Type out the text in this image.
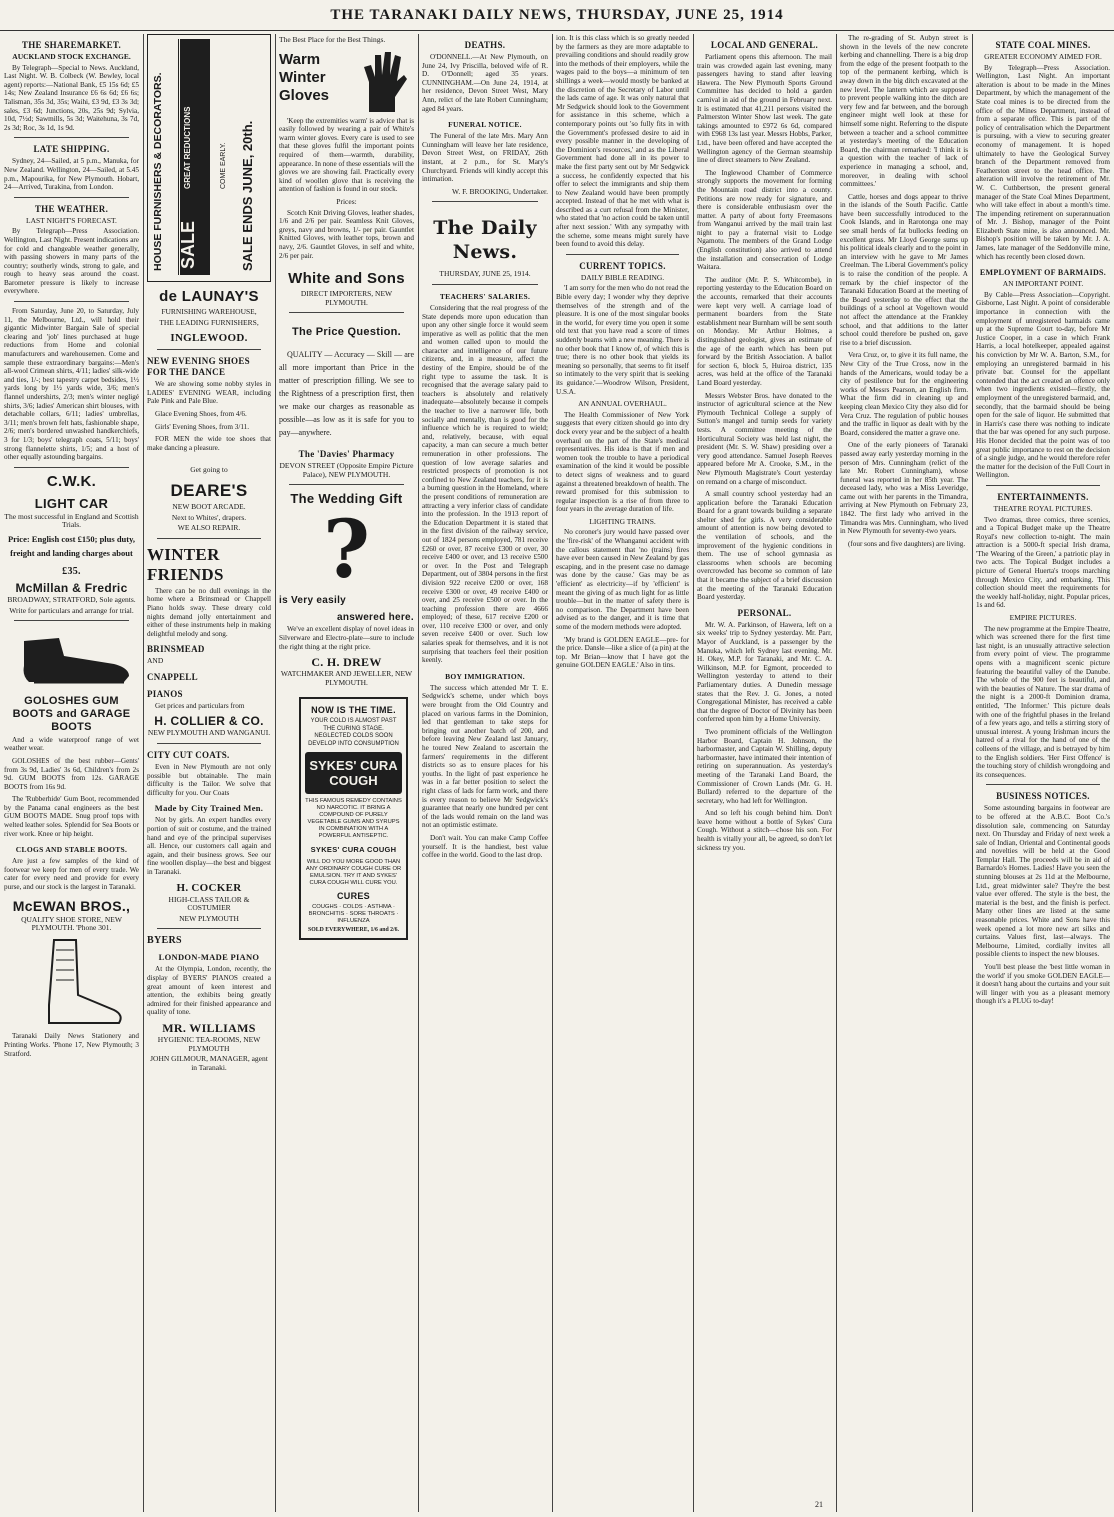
THE TARANAKI DAILY NEWS, THURSDAY, JUNE 25, 1914
THE SHAREMARKET.
AUCKLAND STOCK EXCHANGE.
By Telegraph—Special to News. Auckland, Last Night. W. B. Colbeck (W. Bewley, local agent) reports:—National Bank, £5 15s 6d; £5 14s; New Zealand Insurance £6 6s 6d; £6 6s; Talisman, 35s 3d, 35s; Waihi, £3 9d, £3 3s 3d; sales, £3 6d; Junctions, 20s, 25s 9d; Sylvia, 10d, 7½d; Sawmills, 5s 3d; Waitehuna, 3s 7d, 2s 3d; Roc, 3s 1d, 1s 9d.
LATE SHIPPING.
Sydney, 24—Sailed, at 5 p.m., Manuka, for New Zealand. Wellington, 24—Sailed, at 5.45 p.m., Mapourika, for New Plymouth. Hobart, 24—Arrived, Turakina, from London.
THE WEATHER.
LAST NIGHT'S FORECAST.
By Telegraph—Press Association. Wellington, Last Night. Present indications are for cold and changeable weather generally, with passing showers in many parts of the country; southerly winds, strong to gale, and rough to heavy seas around the coast. Barometer pressure is likely to increase everywhere.
From Saturday, June 20, to Saturday, July 11, the Melbourne, Ltd., will hold their gigantic Midwinter Bargain Sale of special clearing and 'job' lines purchased at huge reductions from Home and colonial manufacturers and warehousemen. Come and sample these extraordinary bargains:—Men's all-wool Crimean shirts, 4/11; ladies' silk-wide and ties, 1/-; best tapestry carpet bedsides, 1½ yards long by 1½ yards wide, 3/6; men's flannel undershirts, 2/3; men's winter negligé shirts, 3/6; ladies' American shirt blouses, with detachable collars, 6/11; ladies' umbrellas, 3/11; men's brown felt hats, fashionable shape, 2/6; men's bordered unwashed handkerchiefs, 3 for 1/3; boys' telegraph coats, 5/11; boys' strong flannelette shirts, 1/5; and a host of other equally astounding bargains.
C.W.K.
LIGHT CAR
The most successful in England and Scottish Trials.
Price: English cost £150; plus duty, freight and landing charges about
£35.
McMillan & Fredric
BROADWAY, STRATFORD, Sole agents.
Write for particulars and arrange for trial.
GOLOSHES GUM BOOTS and GARAGE BOOTS
And a wide waterproof range of wet weather wear.
GOLOSHES of the best rubber—Gents' from 3s 9d, Ladies' 3s 6d, Children's from 2s 9d. GUM BOOTS from 12s. GARAGE BOOTS from 16s 9d.
The 'Rubberhide' Gum Boot, recommended by the Panama canal engineers as the best GUM BOOTS MADE. Snug proof tops with welted leather soles. Splendid for Sea Boots or river work. Knee or hip height.
CLOGS AND STABLE BOOTS.
Are just a few samples of the kind of footwear we keep for men of every trade. We cater for every need and provide for every purse, and our stock is the largest in Taranaki.
McEWAN BROS.,
QUALITY SHOE STORE, NEW PLYMOUTH. 'Phone 301.
Taranaki Daily News Stationery and Printing Works. 'Phone 17, New Plymouth; 3 Stratford.
HOUSE FURNISHERS & DECORATORS. SALE
GREAT REDUCTIONS	COME EARLY. SALE ENDS JUNE, 20th.
de LAUNAY'S
FURNISHING WAREHOUSE,
THE LEADING FURNISHERS,
INGLEWOOD.
NEW EVENING SHOES FOR THE DANCE
We are showing some nobby styles in LADIES' EVENING WEAR, including Pale Pink and Pale Blue.
Glace Evening Shoes, from 4/6.
Girls' Evening Shoes, from 3/11.
FOR MEN the wide toe shoes that make dancing a pleasure.
Get going to
DEARE'S
NEW BOOT ARCADE.
Next to Whites', drapers.
WE ALSO REPAIR.
WINTER FRIENDS
There can be no dull evenings in the home where a Brinsmead or Chappell Piano holds sway. These dreary cold nights demand jolly entertainment and either of these instruments help in making delightful melody and song.
BRINSMEAD
AND
CNAPPELL
PIANOS
Get prices and particulars from
H. COLLIER & CO.
NEW PLYMOUTH AND WANGANUI.
CITY CUT COATS.
Even in New Plymouth are not only possible but obtainable. The main difficulty is the Tailor. We solve that difficulty for you. Our Coats
Made by City Trained Men.
Not by girls. An expert handles every portion of suit or costume, and the trained hand and eye of the principal supervises all. Hence, our customers call again and again, and their business grows. See our fine woollen display—the best and biggest in Taranaki.
H. COCKER
HIGH-CLASS TAILOR & COSTUMIER
NEW PLYMOUTH
BYERS
LONDON-MADE PIANO
At the Olympia, London, recently, the display of BYERS' PIANOS created a great amount of keen interest and attention, the exhibits being greatly admired for their finished appearance and quality of tone.
MR. WILLIAMS
HYGIENIC TEA-ROOMS, NEW PLYMOUTH
JOHN GILMOUR, MANAGER, agent in Taranaki.
The Best Place for the Best Things.
Warm Winter Gloves
'Keep the extremities warm' is advice that is easily followed by wearing a pair of White's warm winter gloves. Every care is used to see that these gloves fulfil the important points required of them—warmth, durability, appearance. In none of these essentials will the gloves we are showing fail. Practically every kind of woollen glove that is receiving the attention of fashion is found in our stock.
Prices:
Scotch Knit Driving Gloves, leather shades, 1/6 and 2/6 per pair. Seamless Knit Gloves, greys, navy and browns, 1/- per pair. Gauntlet Knitted Gloves, with leather tops, brown and navy, 2/6. Gauntlet Gloves, in self and white, 2/6 per pair.
White and Sons
DIRECT IMPORTERS, NEW PLYMOUTH.
The Price Question.
QUALITY — Accuracy — Skill — are all more important than Price in the matter of prescription filling. We see to the Rightness of a prescription first, then we make our charges as reasonable as possible—as low as it is safe for you to pay—anywhere.
The 'Davies' Pharmacy
DEVON STREET (Opposite Empire Picture Palace), NEW PLYMOUTH.
The Wedding Gift
?
is Very easily
answered here.
We've an excellent display of novel ideas in Silverware and Electro-plate—sure to include the right thing at the right price.
C. H. DREW
WATCHMAKER AND JEWELLER, NEW PLYMOUTH.
NOW IS THE TIME.
YOUR COLD IS ALMOST PAST THE CURING STAGE. NEGLECTED COLDS SOON DEVELOP INTO CONSUMPTION
SYKES' CURA COUGH
THIS FAMOUS REMEDY CONTAINS NO NARCOTIC. IT BRING A COMPOUND OF PURELY VEGETABLE GUMS AND SYRUPS IN COMBINATION WITH A POWERFUL ANTISEPTIC.
SYKES' CURA COUGH
WILL DO YOU MORE GOOD THAN ANY ORDINARY COUGH CURE OR EMULSION. TRY IT AND SYKES' CURA COUGH WILL CURE YOU.
CURES
COUGHS · COLDS · ASTHMA · BRONCHITIS · SORE THROATS · INFLUENZA
SOLD EVERYWHERE, 1/6 and 2/6.
DEATHS.
O'DONNELL.—At New Plymouth, on June 24, Ivy Priscilla, beloved wife of R. D. O'Donnell; aged 35 years. CUNNINGHAM.—On June 24, 1914, at her residence, Devon Street West, Mary Ann, relict of the late Robert Cunningham; aged 84 years.
FUNERAL NOTICE.
The Funeral of the late Mrs. Mary Ann Cunningham will leave her late residence, Devon Street West, on FRIDAY, 26th instant, at 2 p.m., for St. Mary's Churchyard. Friends will kindly accept this intimation.
W. F. BROOKING, Undertaker.
The Daily News.
THURSDAY, JUNE 25, 1914.
TEACHERS' SALARIES.
Considering that the real progress of the State depends more upon education than upon any other single force it would seem imperative as well as politic that the men and women called upon to mould the character and intelligence of our future citizens, and, in a measure, affect the destiny of the Empire, should be of the right type to assume the task. It is recognised that the average salary paid to teachers is absolutely and relatively inadequate—absolutely because it compels the teacher to live a narrower life, both socially and mentally, than is good for the influence which he is required to wield; and, relatively, because, with equal capacity, a man can secure a much better remuneration in other professions. The question of low average salaries and restricted prospects of promotion is not confined to New Zealand teachers, for it is a burning question in the Homeland, where the present conditions of remuneration are attracting a very inferior class of candidate into the profession. In the 1913 report of the Education Department it is stated that in the first division of the railway service, out of 1824 persons employed, 781 receive £260 or over, 87 receive £300 or over, 30 receive £400 or over, and 13 receive £500 or over. In the Post and Telegraph Department, out of 3804 persons in the first division 922 receive £200 or over, 168 receive £300 or over, 49 receive £400 or over, and 25 receive £500 or over. In the teaching profession there are 4666 employed; of these, 617 receive £200 or over, 110 receive £300 or over, and only seven receive £400 or over. Such low salaries speak for themselves, and it is not surprising that teachers feel their position keenly.
BOY IMMIGRATION.
The success which attended Mr T. E. Sedgwick's scheme, under which boys were brought from the Old Country and placed on various farms in the Dominion, led that gentleman to take steps for bringing out another batch of 200, and before leaving New Zealand last January, he toured New Zealand to ascertain the farmers' requirements in the different districts so as to ensure places for his youths. In the light of past experience he was in a far better position to select the right class of lads for farm work, and there is every reason to believe Mr Sedgwick's guarantee that nearly one hundred per cent of the lads would remain on the land was not an optimistic estimate.
Don't wait. You can make Camp Coffee yourself. It is the handiest, best value coffee in the world. Good to the last drop.
ion. It is this class which is so greatly needed by the farmers as they are more adaptable to prevailing conditions and should readily grow into the methods of their employers, while the wages paid to the boys—a minimum of ten shillings a week—would mostly be banked at the discretion of the Secretary of Labor until the lads came of age. It was only natural that Mr Sedgwick should look to the Government for assistance in this scheme, which a contemporary points out 'so fully fits in with the Government's professed desire to aid in every possible manner in the developing of the Dominion's resources,' and as the Liberal Government had done all in its power to make the first party sent out by Mr Sedgwick a success, he confidently expected that his offer to select the immigrants and ship them to New Zealand would have been promptly accepted. Instead of that he met with what is described as a curt refusal from the Minister, who stated that 'no action could be taken until after next session.' With any sympathy with the scheme, some means might surely have been found to avoid this delay.
CURRENT TOPICS.
DAILY BIBLE READING.
'I am sorry for the men who do not read the Bible every day; I wonder why they deprive themselves of the strength and of the pleasure. It is one of the most singular books in the world, for every time you open it some old text that you have read a score of times suddenly beams with a new meaning. There is no other book that I know of, of which this is true; there is no other book that yields its meaning so personally, that seems to fit itself so intimately to the very spirit that is seeking its guidance.'—Woodrow Wilson, President, U.S.A.
AN ANNUAL OVERHAUL.
The Health Commissioner of New York suggests that every citizen should go into dry dock every year and be the subject of a health overhaul on the part of the State's medical representatives. His idea is that if men and women took the trouble to have a periodical examination of the kind it would be possible to detect signs of weakness and to guard against a threatened breakdown of health. The reward promised for this submission to regular inspection is a rise of from three to four years in the average duration of life.
LIGHTING TRAINS.
No coroner's jury would have passed over the 'fire-risk' of the Whanganui accident with the callous statement that 'no (trains) fires have ever been caused in New Zealand by gas escaping, and in the present case no damage was done by the cause.' Gas may be as 'efficient' as electricity—if by 'efficient' is meant the giving of as much light for as little trouble—but in the matter of safety there is no comparison. The Department have been advised as to the danger, and it is time that some of the modern methods were adopted.
'My brand is GOLDEN EAGLE—pre- for the price. Dansle—like a slice of (a pin) at the top. Mr Brian—know that I have got the genuine GOLDEN EAGLE.' Also in tins.
LOCAL AND GENERAL.
Parliament opens this afternoon. The mail train was crowded again last evening, many passengers having to stand after leaving Hawera. The New Plymouth Sports Ground Committee has decided to hold a garden carnival in aid of the ground in February next. It is estimated that 41,211 persons visited the Palmerston Winter Show last week. The gate takings amounted to £972 6s 6d, compared with £968 13s last year. Messrs Hobbs, Parker, Ltd., have been offered and have accepted the Wellington agency of the German steamship line of direct steamers to New Zealand.
The Inglewood Chamber of Commerce strongly supports the movement for forming the Mountain road district into a county. Petitions are now ready for signature, and there is considerable enthusiasm over the matter. A party of about forty Freemasons from Wanganui arrived by the mail train last night to pay a fraternal visit to Lodge Ngamotu. The members of the Grand Lodge (English constitution) also arrived to attend the installation and consecration of Lodge Waitara.
The auditor (Mr. P. S. Whitcombe), in reporting yesterday to the Education Board on the accounts, remarked that their accounts were kept very well. A carriage load of permanent boarders from the State establishment near Burnham will be sent south on Monday. Mr Arthur Holmes, a distinguished geologist, gives an estimate of the age of the earth which has been put forward by the British Association. A ballot for section 6, block 5, Huiroa district, 135 acres, was held at the office of the Taranaki Land Board yesterday.
Messrs Webster Bros. have donated to the instructor of agricultural science at the New Plymouth Technical College a supply of Sutton's mangel and turnip seeds for variety tests. A committee meeting of the Horticultural Society was held last night, the president (Mr. S. W. Shaw) presiding over a very good attendance. Samuel Joseph Reeves appeared before Mr A. Crooke, S.M., in the New Plymouth Magistrate's Court yesterday on remand on a charge of misconduct.
A small country school yesterday had an application before the Taranaki Education Board for a grant towards building a separate shelter shed for girls. A very considerable amount of attention is now being devoted to the ventilation of schools, and the improvement of the hygienic conditions in them. The use of school gymnasia as classrooms when schools are becoming overcrowded has become so common of late that it became the subject of a brief discussion at the meeting of the Taranaki Education Board yesterday.
PERSONAL.
Mr. W. A. Parkinson, of Hawera, left on a six weeks' trip to Sydney yesterday. Mr. Parr, Mayor of Auckland, is a passenger by the Manuka, which left Sydney last evening. Mr. H. Okey, M.P. for Taranaki, and Mr. C. A. Wilkinson, M.P. for Egmont, proceeded to Wellington yesterday to attend to their Parliamentary duties. A Dunedin message states that the Rev. J. G. Jones, a noted Congregational Minister, has received a cable that the degree of Doctor of Divinity has been conferred upon him by a Home University.
Two prominent officials of the Wellington Harbor Board, Captain H. Johnson, the harbormaster, and Captain W. Shilling, deputy harbormaster, have intimated their intention of retiring on superannuation. As yesterday's meeting of the Taranaki Land Board, the Commissioner of Crown Lands (Mr. G. H. Bullard) referred to the departure of the secretary, who had left for Wellington.
And so left his cough behind him. Don't leave home without a bottle of Sykes' Cura Cough. Without a stitch—chose his son. For health is vitally your all, be agreed, so don't let sickness try you.
The re-grading of St. Aubyn street is shown in the levels of the new concrete kerbing and channelling. There is a big drop from the edge of the present footpath to the top of the permanent kerbing, which is away down in the big ditch excavated at the new level. The lantern which are supposed to prevent people walking into the ditch are very few and far between, and the borough engineer might well look at these for himself some night. Referring to the dispute between a teacher and a school committee at yesterday's meeting of the Education Board, the chairman remarked: 'I think it is a question with the teacher of lack of experience in managing a school, and, moreover, in dealing with school committees.'
Cattle, horses and dogs appear to thrive in the islands of the South Pacific. Cattle have been successfully introduced to the Cook Islands, and in Rarotonga one may see small herds of fat bullocks feeding on excellent grass. Mr Lloyd George sums up his political ideals clearly and to the point in an interview with he gave to Mr James Creelman. The Liberal Government's policy is to raise the condition of the people. A remark by the chief inspector of the Taranaki Education Board at the meeting of the Board yesterday to the effect that the buildings of a school at Vogeltown would not affect the attendance at the Frankley school, and that additions to the latter school could therefore be pushed on, gave rise to a brief discussion.
Vera Cruz, or, to give it its full name, the New City of the True Cross, now in the hands of the Americans, would today be a city of pestilence but for the engineering works of Messrs Pearson, an English firm. What the firm did in cleaning up and keeping clean Mexico City they also did for Vera Cruz. The regulation of public houses and the traffic in liquor as dealt with by the Board, considered the matter a grave one.
One of the early pioneers of Taranaki passed away early yesterday morning in the person of Mrs. Cunningham (relict of the late Mr. Robert Cunningham), whose funeral was reported in her 85th year. The deceased lady, who was a Miss Leveridge, came out with her parents in the Timandra, arriving at New Plymouth on February 23, 1842. The first lady who arrived in the Timandra was Mrs. Cunningham, who lived in New Plymouth for seventy-two years.
(four sons and five daughters) are living.
STATE COAL MINES.
GREATER ECONOMY AIMED FOR.
By Telegraph—Press Association. Wellington, Last Night. An important alteration is about to be made in the Mines Department, by which the management of the State coal mines is to be directed from the office of the Mines Department, instead of from a separate office. This is part of the policy of centralisation which the Department is pursuing, with a view to securing greater economy of management. It is hoped ultimately to have the Geological Survey branch of the Department removed from Featherston street to the head office. The alteration will involve the retirement of Mr. W. C. Cuthbertson, the present general manager of the State Coal Mines Department, who will take effect in about a month's time. The impending retirement on superannuation of Mr. J. Bishop, manager of the Point Elizabeth State mine, is also announced. Mr. Bishop's position will be taken by Mr. J. A. James, late manager of the Seddonville mine, which has recently been closed down.
EMPLOYMENT OF BARMAIDS.
AN IMPORTANT POINT.
By Cable—Press Association—Copyright. Gisborne, Last Night. A point of considerable importance in connection with the employment of unregistered barmaids came up at the Supreme Court to-day, before Mr Justice Cooper, in a case in which Frank Harris, a local hotelkeeper, appealed against his conviction by Mr W. A. Barton, S.M., for employing an unregistered barmaid in his private bar. Counsel for the appellant contended that the act created an offence only when two ingredients existed—firstly, the employment of the unregistered barmaid, and, secondly, that the barmaid should be being open for the sale of liquor. He submitted that in Harris's case there was nothing to indicate that the bar was opened for any such purpose. His Honor decided that the point was of too great public importance to rest on the decision of a single judge, and he would therefore refer the matter for the decision of the Full Court in Wellington.
ENTERTAINMENTS.
THEATRE ROYAL PICTURES.
Two dramas, three comics, three scenics, and a Topical Budget make up the Theatre Royal's new collection to-night. The main attraction is a 5000-ft special Irish drama, 'The Wearing of the Green,' a patriotic play in two acts. The Topical Budget includes a picture of General Huerta's troops marching through Mexico City, and embarking. This collection should meet the requirements for the weekly half-holiday, night. Popular prices, 1s and 6d.
EMPIRE PICTURES.
The new programme at the Empire Theatre, which was screened there for the first time last night, is an unusually attractive selection from every point of view. The programme opens with a magnificent scenic picture featuring the beautiful valley of the Danube. The whole of the 900 feet is beautiful, and with the beauties of Nature. The star drama of the night is a 2000-ft Dominion drama, entitled, 'The Informer.' This picture deals with one of the frightful phases in the Ireland of a few years ago, and tells a stirring story of unusual interest. A young Irishman incurs the hatred of a rival for the hand of one of the colleens of the village, and is betrayed by him to the English soldiers. 'Her First Offence' is the touching story of childish wrongdoing and its consequences.
BUSINESS NOTICES.
Some astounding bargains in footwear are to be offered at the A.B.C. Boot Co.'s dissolution sale, commencing on Saturday next. On Thursday and Friday of next week a sale of Indian, Oriental and Continental goods and novelties will be held at the Good Templar Hall. The proceeds will be in aid of Barnardo's Homes. Ladies! Have you seen the stunning blouses at 2s 11d at the Melbourne, Ltd., great midwinter sale? They're the best value ever offered. The style is the best, the material is the best, and the finish is perfect. Many other lines are listed at the same reasonable prices. White and Sons have this week opened a lot more new art silks and curtains. Values first, last—always. The Melbourne, Limited, cordially invites all possible clients to inspect the new blouses.
You'll best please the 'best little woman in the world' if you smoke GOLDEN EAGLE—it doesn't hang about the curtains and your suit will linger with you as a pleasant memory though it's a PLUG to-day!
21
